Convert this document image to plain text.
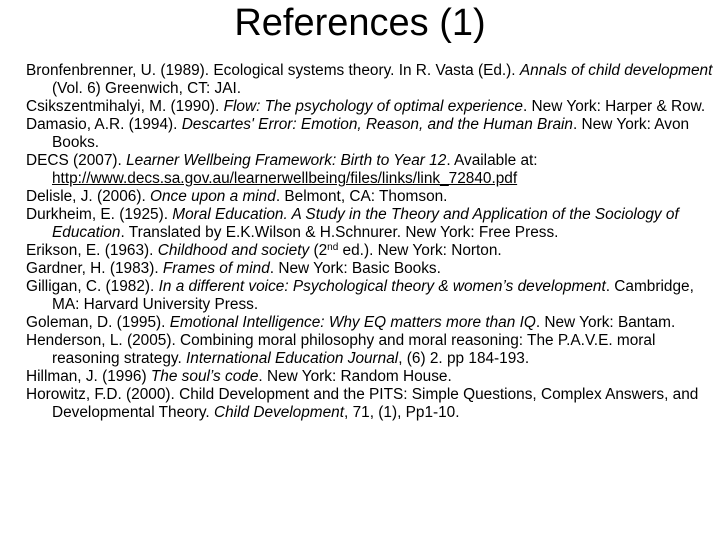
References (1)

Bronfenbrenner, U. (1989). Ecological systems theory. In R. Vasta (Ed.). Annals of child development (Vol. 6) Greenwich, CT: JAI.

Csikszentmihalyi, M. (1990). Flow: The psychology of optimal experience. New York: Harper & Row.

Damasio, A.R. (1994). Descartes' Error: Emotion, Reason, and the Human Brain. New York: Avon Books.

DECS (2007). Learner Wellbeing Framework: Birth to Year 12. Available at: http://www.decs.sa.gov.au/learnerwellbeing/files/links/link_72840.pdf

Delisle, J. (2006). Once upon a mind. Belmont, CA: Thomson.

Durkheim, E. (1925). Moral Education. A Study in the Theory and Application of the Sociology of Education. Translated by E.K.Wilson & H.Schnurer. New York: Free Press.

Erikson, E. (1963). Childhood and society (2nd ed.). New York: Norton.

Gardner, H. (1983). Frames of mind. New York: Basic Books.

Gilligan, C. (1982). In a different voice: Psychological theory & women’s development. Cambridge, MA: Harvard University Press.

Goleman, D. (1995). Emotional Intelligence: Why EQ matters more than IQ. New York: Bantam.

Henderson, L. (2005). Combining moral philosophy and moral reasoning: The P.A.V.E. moral reasoning strategy. International Education Journal, (6) 2. pp 184-193.

Hillman, J. (1996) The soul’s code. New York: Random House.

Horowitz, F.D. (2000). Child Development and the PITS: Simple Questions, Complex Answers, and Developmental Theory. Child Development, 71, (1), Pp1-10.
